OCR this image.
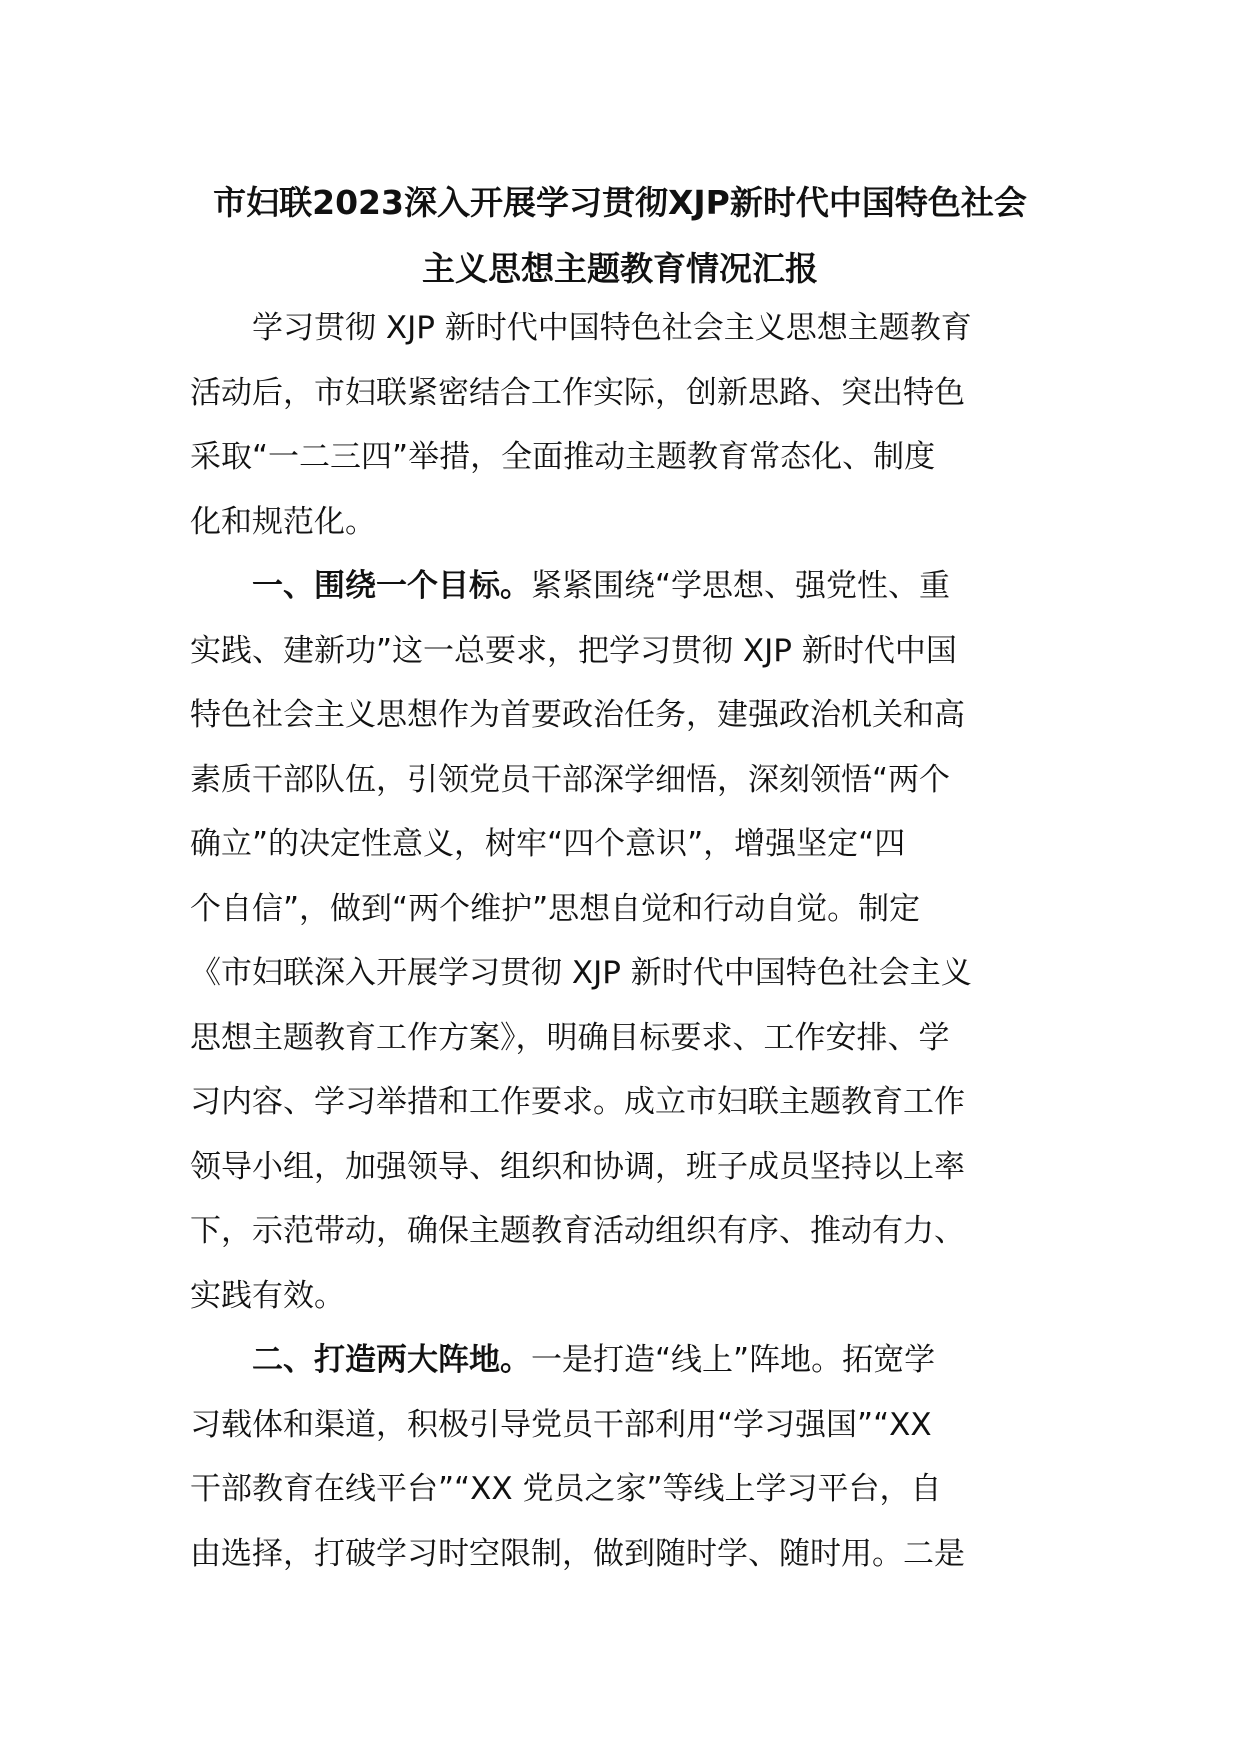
市妇联2023深入开展学习贯彻XJP新时代中国特色社会

主义思想主题教育情况汇报

学习贯彻 XJP 新时代中国特色社会主义思想主题教育

活动后，市妇联紧密结合工作实际，创新思路、突出特色

采取“一二三四”举措，全面推动主题教育常态化、制度

化和规范化。

一、围绕一个目标。紧紧围绕“学思想、强党性、重

实践、建新功”这一总要求，把学习贯彻 XJP 新时代中国

特色社会主义思想作为首要政治任务，建强政治机关和高

素质干部队伍，引领党员干部深学细悟，深刻领悟“两个

确立”的决定性意义，树牢“四个意识”，增强坚定“四

个自信”，做到“两个维护”思想自觉和行动自觉。制定

《市妇联深入开展学习贯彻 XJP 新时代中国特色社会主义

思想主题教育工作方案》，明确目标要求、工作安排、学

习内容、学习举措和工作要求。成立市妇联主题教育工作

领导小组，加强领导、组织和协调，班子成员坚持以上率

下，示范带动，确保主题教育活动组织有序、推动有力、

实践有效。

二、打造两大阵地。一是打造“线上”阵地。拓宽学

习载体和渠道，积极引导党员干部利用“学习强国”“XX

干部教育在线平台”“XX 党员之家”等线上学习平台，自

由选择，打破学习时空限制，做到随时学、随时用。二是
